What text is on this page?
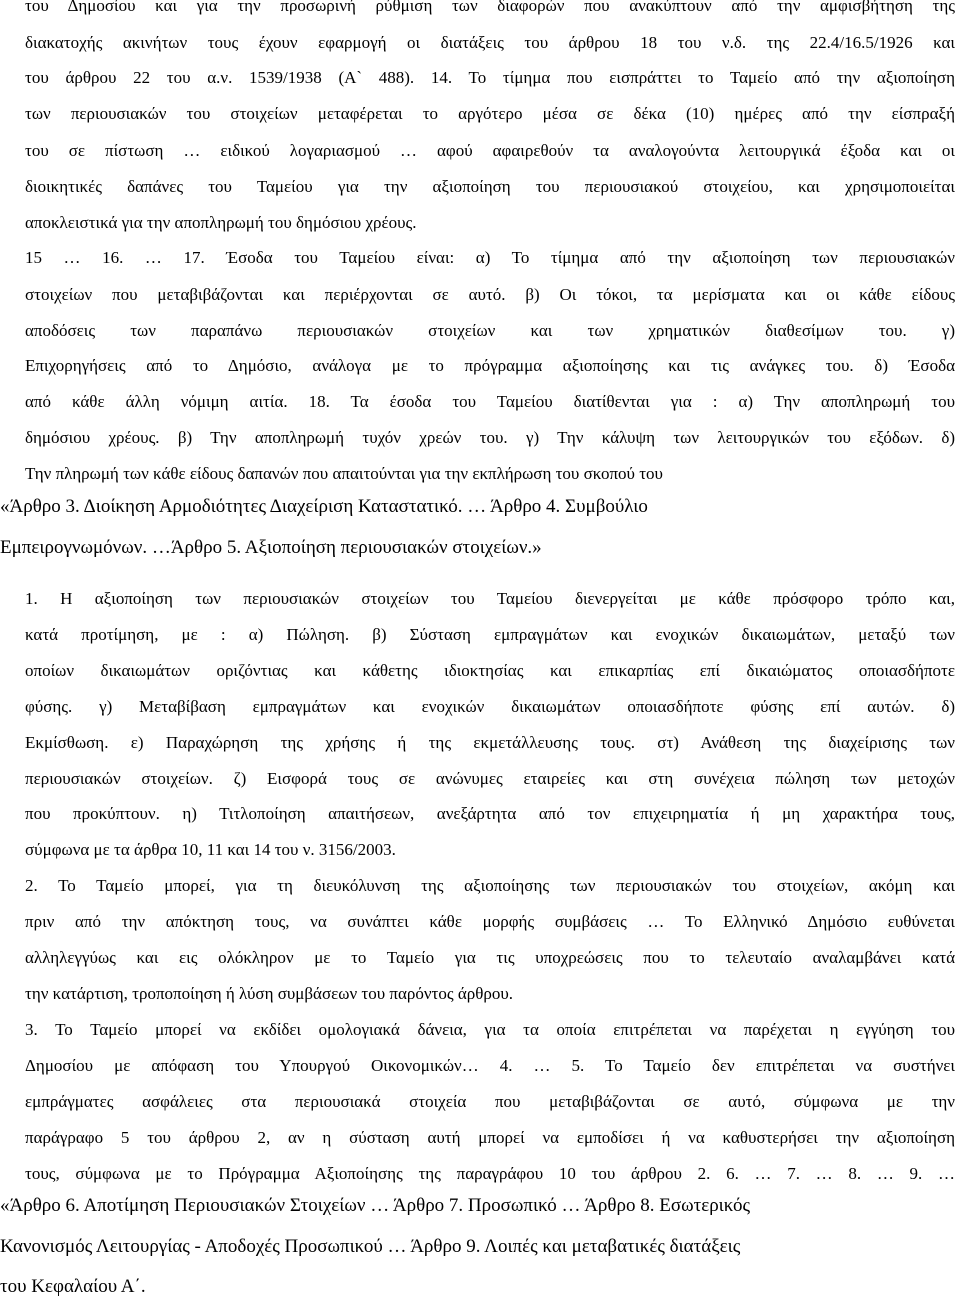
του Δημοσίου και για την προσωρινή ρύθμιση των διαφορών που ανακύπτουν από την αμφισβήτηση της

διακατοχής ακινήτων τους έχουν εφαρμογή οι διατάξεις του άρθρου 18 του ν.δ. της 22.4/16.5/1926 και

του άρθρου 22 του α.ν. 1539/1938 (Α` 488). 14. Το τίμημα που εισπράττει το Ταμείο από την αξιοποίηση

των περιουσιακών του στοιχείων μεταφέρεται το αργότερο μέσα σε δέκα (10) ημέρες από την είσπραξή

του σε πίστωση … ειδικού λογαριασμού … αφού αφαιρεθούν τα αναλογούντα λειτουργικά έξοδα και οι

διοικητικές δαπάνες του Ταμείου για την αξιοποίηση του περιουσιακού στοιχείου, και χρησιμοποιείται

αποκλειστικά για την αποπληρωμή του δημόσιου χρέους.

15 … 16. … 17. Έσοδα του Ταμείου είναι: α) Το τίμημα από την αξιοποίηση των περιουσιακών

στοιχείων που μεταβιβάζονται και περιέρχονται σε αυτό. β) Οι τόκοι, τα μερίσματα και οι κάθε είδους

αποδόσεις των παραπάνω περιουσιακών στοιχείων και των χρηματικών διαθεσίμων του. γ)

Επιχορηγήσεις από το Δημόσιο, ανάλογα με το πρόγραμμα αξιοποίησης και τις ανάγκες του. δ) Έσοδα

από κάθε άλλη νόμιμη αιτία. 18. Τα έσοδα του Ταμείου διατίθενται για : α) Την αποπληρωμή του

δημόσιου χρέους. β) Την αποπληρωμή τυχόν χρεών του. γ) Την κάλυψη των λειτουργικών του εξόδων. δ)

Την πληρωμή των κάθε είδους δαπανών που απαιτούνται για την εκπλήρωση του σκοπού του

«Άρθρο 3. Διοίκηση Αρμοδιότητες Διαχείριση Καταστατικό. … Άρθρο 4. Συμβούλιο

Εμπειρογνωμόνων. …Άρθρο 5. Αξιοποίηση περιουσιακών στοιχείων.»

1. Η αξιοποίηση των περιουσιακών στοιχείων του Ταμείου διενεργείται με κάθε πρόσφορο τρόπο και,

κατά προτίμηση, με : α) Πώληση. β) Σύσταση εμπραγμάτων και ενοχικών δικαιωμάτων, μεταξύ των

οποίων δικαιωμάτων οριζόντιας και κάθετης ιδιοκτησίας και επικαρπίας επί δικαιώματος οποιασδήποτε

φύσης. γ) Μεταβίβαση εμπραγμάτων και ενοχικών δικαιωμάτων οποιασδήποτε φύσης επί αυτών. δ)

Εκμίσθωση. ε) Παραχώρηση της χρήσης ή της εκμετάλλευσης τους. στ) Ανάθεση της διαχείρισης των

περιουσιακών στοιχείων. ζ) Εισφορά τους σε ανώνυμες εταιρείες και στη συνέχεια πώληση των μετοχών

που προκύπτουν. η) Τιτλοποίηση απαιτήσεων, ανεξάρτητα από τον επιχειρηματία ή μη χαρακτήρα τους,

σύμφωνα με τα άρθρα 10, 11 και 14 του ν. 3156/2003.

2. Το Ταμείο μπορεί, για τη διευκόλυνση της αξιοποίησης των περιουσιακών του στοιχείων, ακόμη και

πριν από την απόκτηση τους, να συνάπτει κάθε μορφής συμβάσεις … Το Ελληνικό Δημόσιο ευθύνεται

αλληλεγγύως και εις ολόκληρον με το Ταμείο για τις υποχρεώσεις που το τελευταίο αναλαμβάνει κατά

την κατάρτιση, τροποποίηση ή λύση συμβάσεων του παρόντος άρθρου.

3. Το Ταμείο μπορεί να εκδίδει ομολογιακά δάνεια, για τα οποία επιτρέπεται να παρέχεται η εγγύηση του

Δημοσίου με απόφαση του Υπουργού Οικονομικών… 4. … 5. Το Ταμείο δεν επιτρέπεται να συστήνει

εμπράγματες ασφάλειες στα περιουσιακά στοιχεία που μεταβιβάζονται σε αυτό, σύμφωνα με την

παράγραφο 5 του άρθρου 2, αν η σύσταση αυτή μπορεί να εμποδίσει ή να καθυστερήσει την αξιοποίηση

τους, σύμφωνα με το Πρόγραμμα Αξιοποίησης της παραγράφου 10 του άρθρου 2. 6. … 7. … 8. … 9. …

«Άρθρο 6. Αποτίμηση Περιουσιακών Στοιχείων … Άρθρο 7. Προσωπικό … Άρθρο 8. Εσωτερικός

Κανονισμός Λειτουργίας - Αποδοχές Προσωπικού … Άρθρο 9. Λοιπές και μεταβατικές διατάξεις

του Κεφαλαίου Α΄.
